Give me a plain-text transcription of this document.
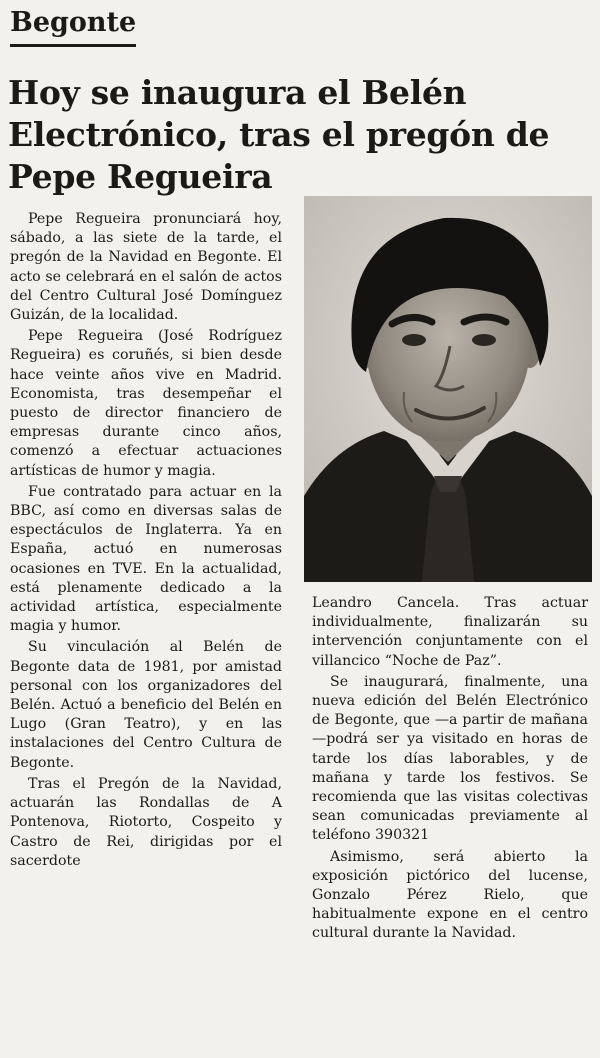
Begonte
Hoy se inaugura el Belén Electrónico, tras el pregón de Pepe Regueira

Pepe Regueira pronunciará hoy, sábado, a las siete de la tarde, el pregón de la Navidad en Begonte. El acto se celebrará en el salón de actos del Centro Cultural José Domínguez Guizán, de la localidad.

Pepe Regueira (José Rodríguez Regueira) es coruñés, si bien desde hace veinte años vive en Madrid. Economista, tras desempeñar el puesto de director financiero de empresas durante cinco años, comenzó a efectuar actuaciones artísticas de humor y magia.

Fue contratado para actuar en la BBC, así como en diversas salas de espectáculos de Inglaterra. Ya en España, actuó en numerosas ocasiones en TVE. En la actualidad, está plenamente dedicado a la actividad artística, especialmente magia y humor.

Su vinculación al Belén de Begonte data de 1981, por amistad personal con los organizadores del Belén. Actuó a beneficio del Belén en Lugo (Gran Teatro), y en las instalaciones del Centro Cultura de Begonte.

Tras el Pregón de la Navidad, actuarán las Rondallas de A Pontenova, Riotorto, Cospeito y Castro de Rei, dirigidas por el sacerdote

Leandro Cancela. Tras actuar individualmente, finalizarán su intervención conjuntamente con el villancico “Noche de Paz”.

Se inaugurará, finalmente, una nueva edición del Belén Electrónico de Begonte, que —a partir de mañana—podrá ser ya visitado en horas de tarde los días laborables, y de mañana y tarde los festivos. Se recomienda que las visitas colectivas sean comunicadas previamente al teléfono 390321

Asimismo, será abierto la exposición pictórico del lucense, Gonzalo Pérez Rielo, que habitualmente expone en el centro cultural durante la Navidad.
